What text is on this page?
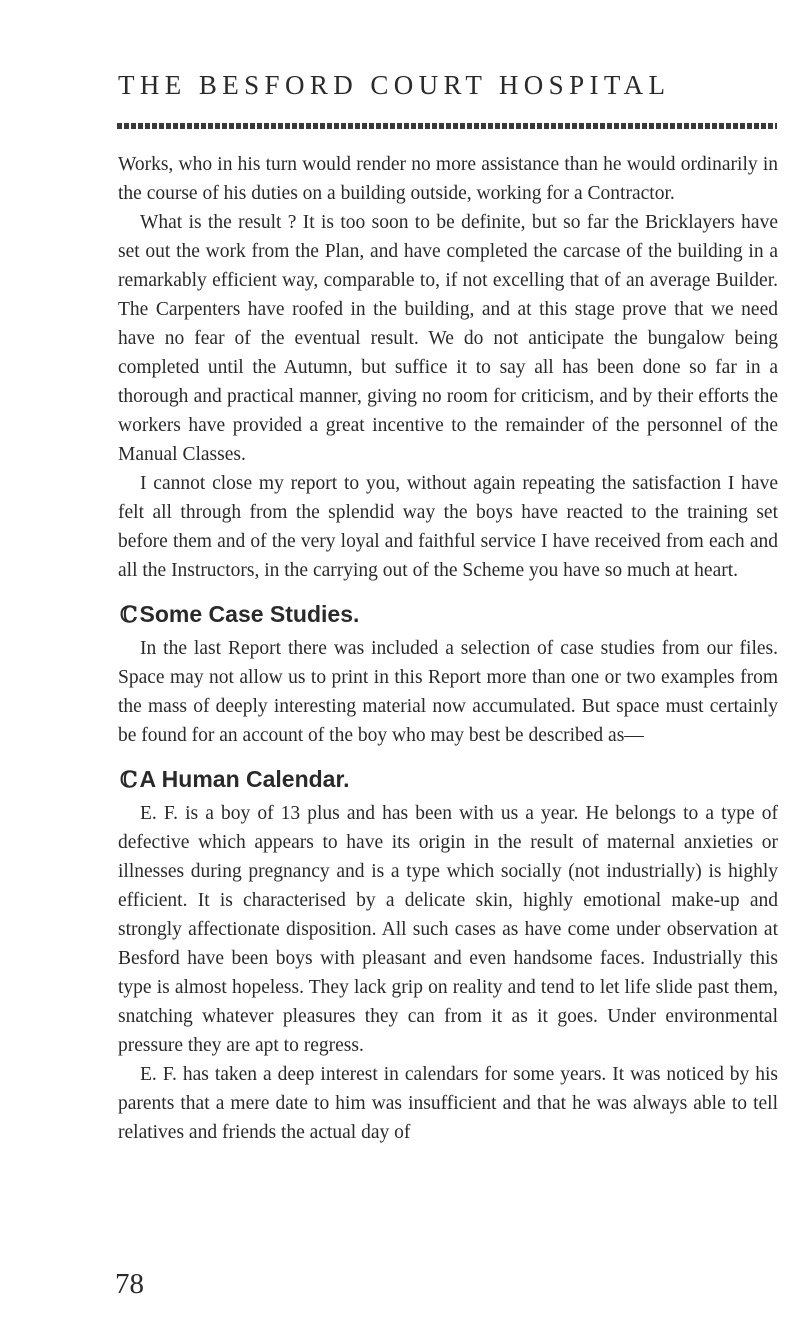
THE BESFORD COURT HOSPITAL

Works, who in his turn would render no more assistance than he would ordinarily in the course of his duties on a building outside, working for a Contractor.

What is the result ? It is too soon to be definite, but so far the Bricklayers have set out the work from the Plan, and have completed the carcase of the building in a remarkably efficient way, comparable to, if not excelling that of an average Builder. The Carpenters have roofed in the building, and at this stage prove that we need have no fear of the eventual result. We do not anticipate the bungalow being completed until the Autumn, but suffice it to say all has been done so far in a thorough and practical manner, giving no room for criticism, and by their efforts the workers have provided a great incentive to the remainder of the personnel of the Manual Classes.

I cannot close my report to you, without again repeating the satisfaction I have felt all through from the splendid way the boys have reacted to the training set before them and of the very loyal and faithful service I have received from each and all the Instructors, in the carrying out of the Scheme you have so much at heart.

ℂSome Case Studies.

In the last Report there was included a selection of case studies from our files. Space may not allow us to print in this Report more than one or two examples from the mass of deeply interesting material now accumulated. But space must certainly be found for an account of the boy who may best be described as—

ℂA Human Calendar.

E. F. is a boy of 13 plus and has been with us a year. He belongs to a type of defective which appears to have its origin in the result of maternal anxieties or illnesses during pregnancy and is a type which socially (not industrially) is highly efficient. It is characterised by a delicate skin, highly emotional make-up and strongly affectionate disposition. All such cases as have come under observation at Besford have been boys with pleasant and even handsome faces. Industrially this type is almost hopeless. They lack grip on reality and tend to let life slide past them, snatching whatever pleasures they can from it as it goes. Under environmental pressure they are apt to regress.

E. F. has taken a deep interest in calendars for some years. It was noticed by his parents that a mere date to him was insufficient and that he was always able to tell relatives and friends the actual day of

78
